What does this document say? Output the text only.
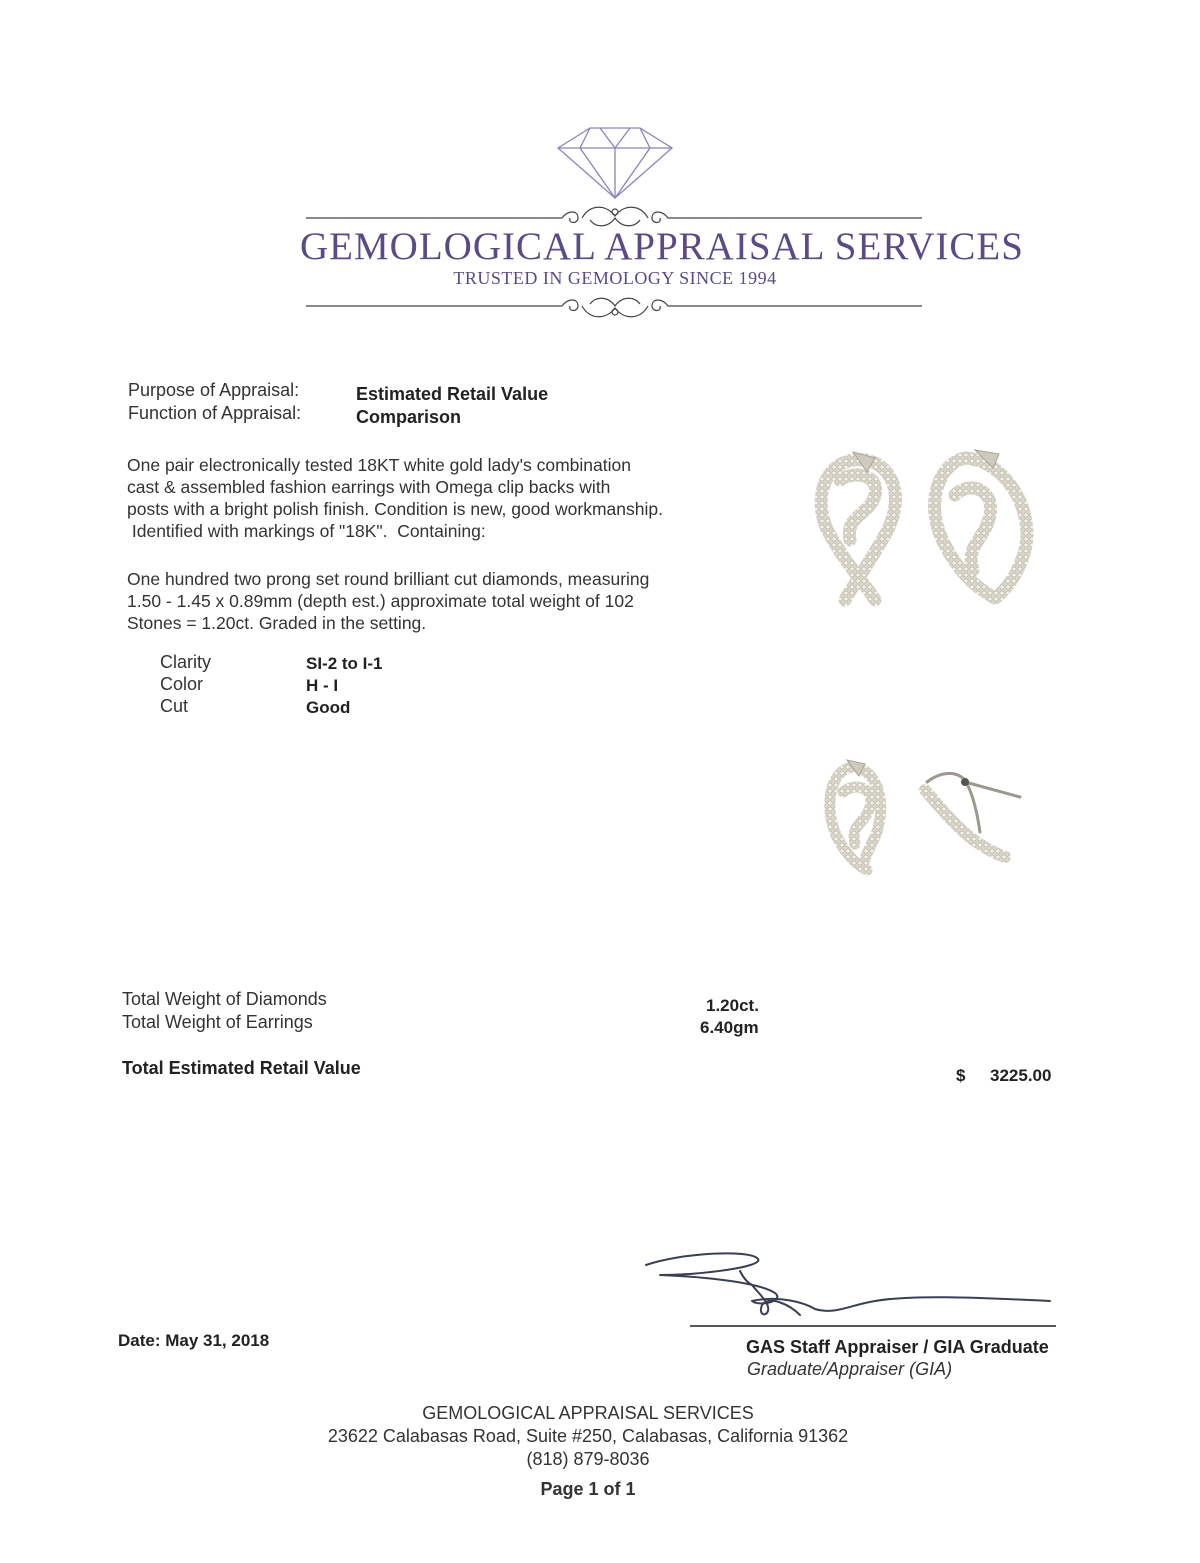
GEMOLOGICAL APPRAISAL SERVICES
TRUSTED IN GEMOLOGY SINCE 1994
Purpose of Appraisal:	Estimated Retail Value
Function of Appraisal:	Comparison
One pair electronically tested 18KT white gold lady's combination
cast & assembled fashion earrings with Omega clip backs with
posts with a bright polish finish. Condition is new, good workmanship.
Identified with markings of "18K".  Containing:
One hundred two prong set round brilliant cut diamonds, measuring
1.50 - 1.45 x 0.89mm (depth est.) approximate total weight of 102
Stones = 1.20ct. Graded in the setting.
Clarity	SI-2 to I-1
Color	H - I
Cut	Good
Total Weight of Diamonds	1.20ct.
Total Weight of Earrings	6.40gm
Total Estimated Retail Value	$ 3225.00
Date: May 31, 2018	GAS Staff Appraiser / GIA Graduate
Graduate/Appraiser (GIA)
GEMOLOGICAL APPRAISAL SERVICES
23622 Calabasas Road, Suite #250, Calabasas, California 91362
(818) 879-8036
Page 1 of 1
